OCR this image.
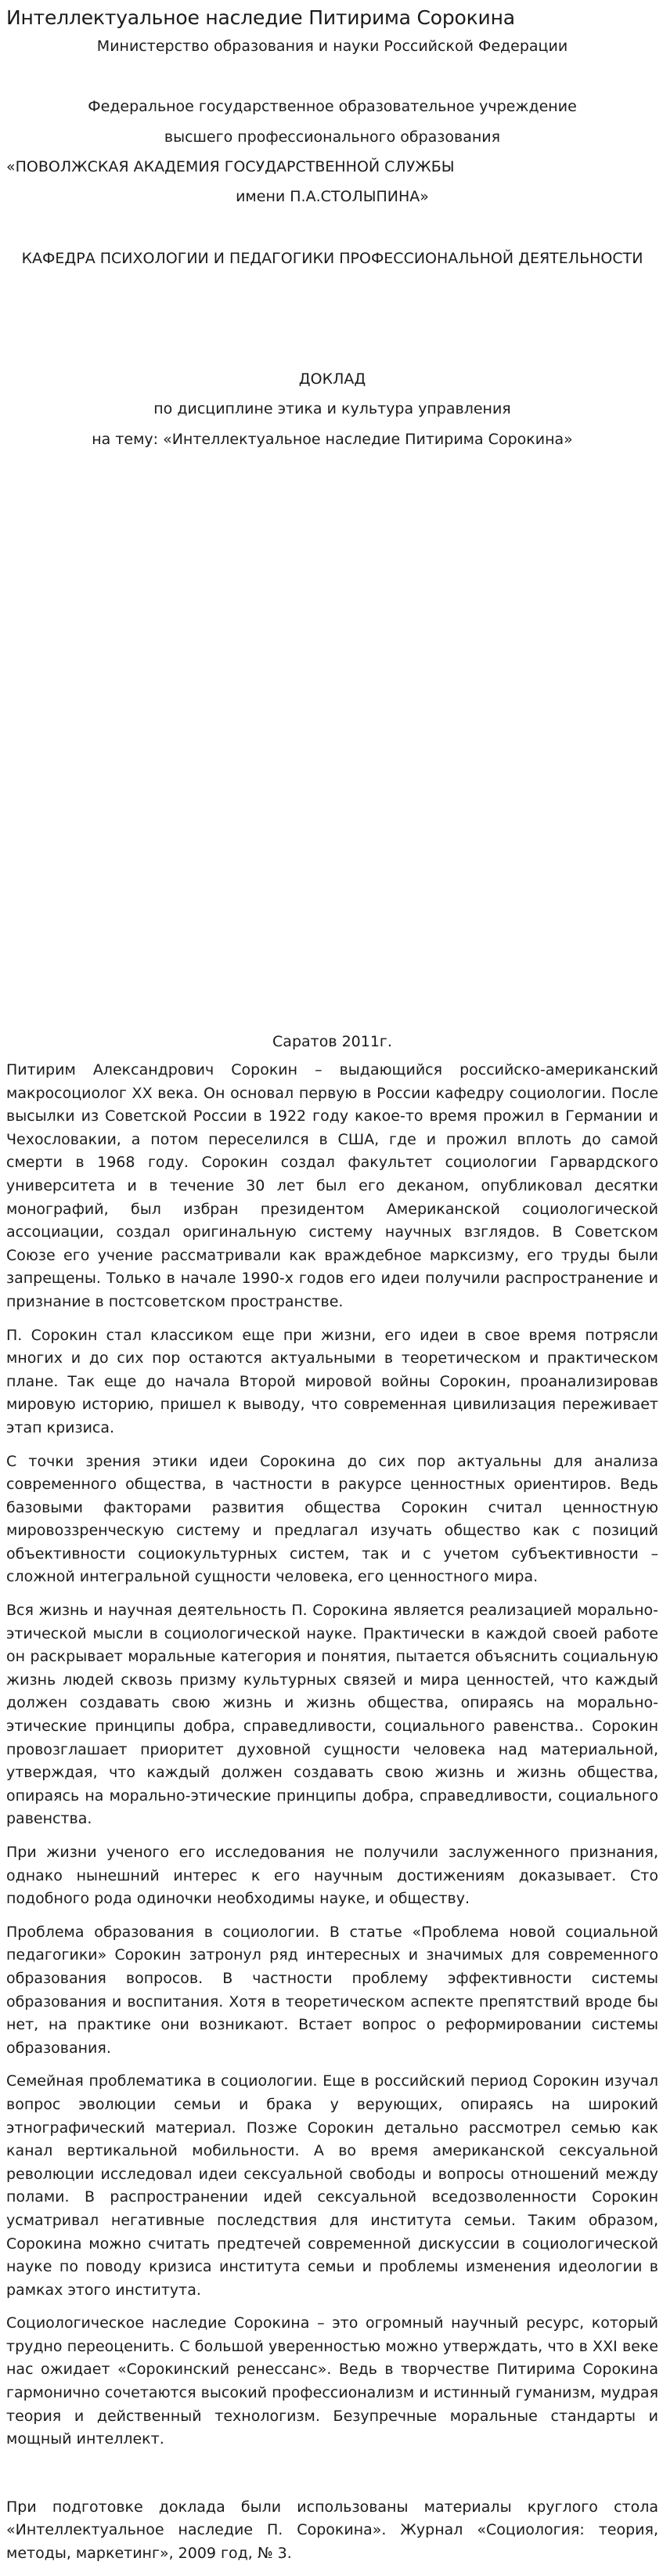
Интеллектуальное наследие Питирима Сорокина
Министерство образования и науки Российской Федерации
Федеральное государственное образовательное учреждение
высшего профессионального образования
«ПОВОЛЖСКАЯ АКАДЕМИЯ ГОСУДАРСТВЕННОЙ СЛУЖБЫ
имени П.А.СТОЛЫПИНА»
КАФЕДРА ПСИХОЛОГИИ И ПЕДАГОГИКИ ПРОФЕССИОНАЛЬНОЙ ДЕЯТЕЛЬНОСТИ
ДОКЛАД
по дисциплине этика и культура управления
на тему: «Интеллектуальное наследие Питирима Сорокина»
Саратов 2011г.

Питирим Александрович Сорокин – выдающийся российско-американский макросоциолог XX века. Он основал первую в России кафедру социологии. После высылки из Советской России в 1922 году какое-то время прожил в Германии и Чехословакии, а потом переселился в США, где и прожил вплоть до самой смерти в 1968 году. Сорокин создал факультет социологии Гарвардского университета и в течение 30 лет был его деканом, опубликовал десятки монографий, был избран президентом Американской социологической ассоциации, создал оригинальную систему научных взглядов. В Советском Союзе его учение рассматривали как враждебное марксизму, его труды были запрещены. Только в начале 1990-х годов его идеи получили распространение и признание в постсоветском пространстве.

П. Сорокин стал классиком еще при жизни, его идеи в свое время потрясли многих и до сих пор остаются актуальными в теоретическом и практическом плане. Так еще до начала Второй мировой войны Сорокин, проанализировав мировую историю, пришел к выводу, что современная цивилизация переживает этап кризиса.

С точки зрения этики идеи Сорокина до сих пор актуальны для анализа современного общества, в частности в ракурсе ценностных ориентиров. Ведь базовыми факторами развития общества Сорокин считал ценностную мировоззренческую систему и предлагал изучать общество как с позиций объективности социокультурных систем, так и с учетом субъективности – сложной интегральной сущности человека, его ценностного мира.

Вся жизнь и научная деятельность П. Сорокина является реализацией морально-этической мысли в социологической науке. Практически в каждой своей работе он раскрывает моральные категория и понятия, пытается объяснить социальную жизнь людей сквозь призму культурных связей и мира ценностей, что каждый должен создавать свою жизнь и жизнь общества, опираясь на морально-этические принципы добра, справедливости, социального равенства.. Сорокин провозглашает приоритет духовной сущности человека над материальной, утверждая, что каждый должен создавать свою жизнь и жизнь общества, опираясь на морально-этические принципы добра, справедливости, социального равенства.

При жизни ученого его исследования не получили заслуженного признания, однако нынешний интерес к его научным достижениям доказывает. Сто подобного рода одиночки необходимы науке, и обществу.

Проблема образования в социологии. В статье «Проблема новой социальной педагогики» Сорокин затронул ряд интересных и значимых для современного образования вопросов. В частности проблему эффективности системы образования и воспитания. Хотя в теоретическом аспекте препятствий вроде бы нет, на практике они возникают. Встает вопрос о реформировании системы образования.

Семейная проблематика в социологии. Еще в российский период Сорокин изучал вопрос эволюции семьи и брака у верующих, опираясь на широкий этнографический материал. Позже Сорокин детально рассмотрел семью как канал вертикальной мобильности. А во время американской сексуальной революции исследовал идеи сексуальной свободы и вопросы отношений между полами. В распространении идей сексуальной вседозволенности Сорокин усматривал негативные последствия для института семьи. Таким образом, Сорокина можно считать предтечей современной дискуссии в социологической науке по поводу кризиса института семьи и проблемы изменения идеологии в рамках этого института.

Социологическое наследие Сорокина – это огромный научный ресурс, который трудно переоценить. С большой уверенностью можно утверждать, что в XXI веке нас ожидает «Сорокинский ренессанс». Ведь в творчестве Питирима Сорокина гармонично сочетаются высокий профессионализм и истинный гуманизм, мудрая теория и действенный технологизм. Безупречные моральные стандарты и мощный интеллект.

При подготовке доклада были использованы материалы круглого стола «Интеллектуальное наследие П. Сорокина». Журнал «Социология: теория, методы, маркетинг», 2009 год, № 3.
